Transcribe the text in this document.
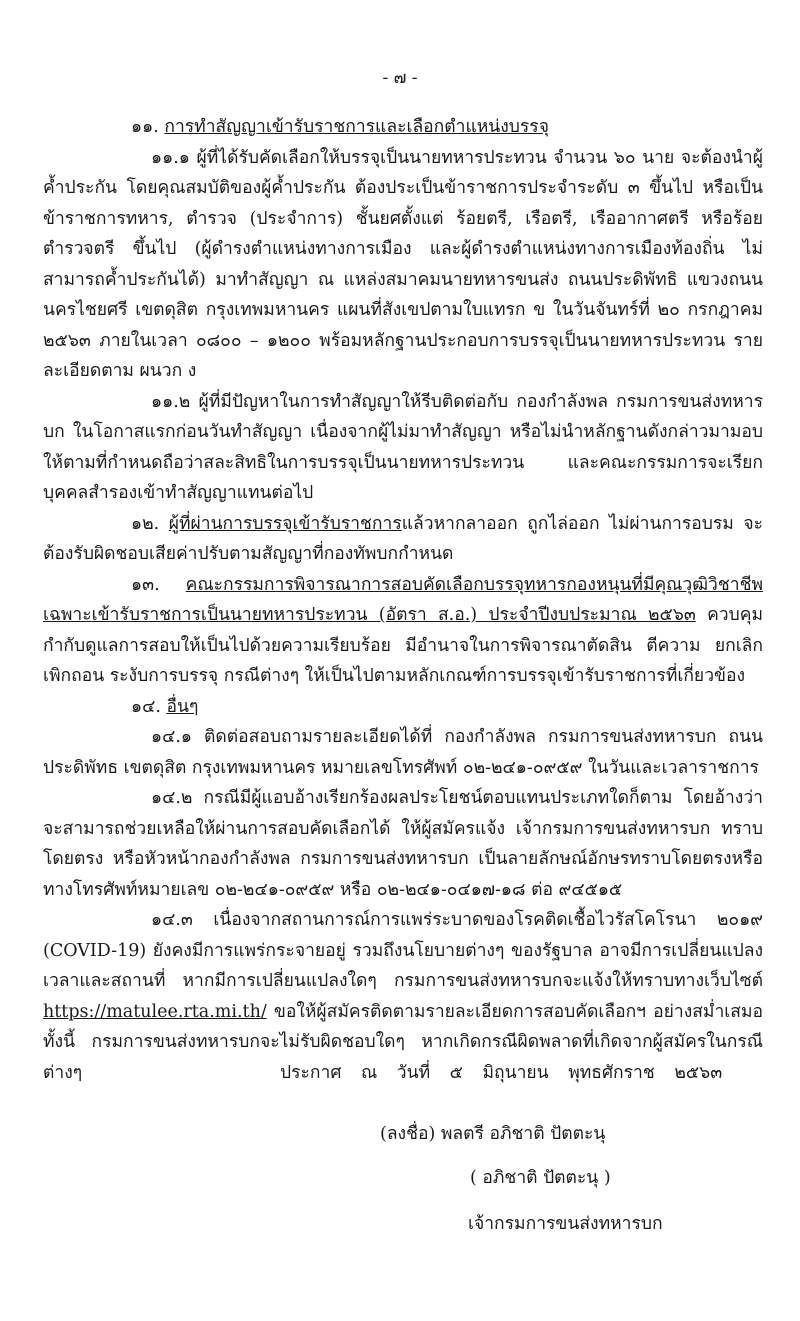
- ๗ -

๑๑. การทำสัญญาเข้ารับราชการและเลือกตำแหน่งบรรจุ

๑๑.๑ ผู้ที่ได้รับคัดเลือกให้บรรจุเป็นนายทหารประทวน จำนวน ๖๐ นาย จะต้องนำผู้ค้ำประกัน โดยคุณสมบัติของผู้ค้ำประกัน ต้องประเป็นข้าราชการประจำระดับ ๓ ขึ้นไป หรือเป็นข้าราชการทหาร, ตำรวจ (ประจำการ) ชั้นยศตั้งแต่ ร้อยตรี, เรือตรี, เรืออากาศตรี หรือร้อยตำรวจตรี ขึ้นไป (ผู้ดำรงตำแหน่งทางการเมือง และผู้ดำรงตำแหน่งทางการเมืองท้องถิ่น ไม่สามารถค้ำประกันได้) มาทำสัญญา ณ แหล่งสมาคมนายทหารขนส่ง ถนนประดิพัทธิ แขวงถนนนครไชยศรี เขตดุสิต กรุงเทพมหานคร แผนที่สังเขปตามใบแทรก ข ในวันจันทร์ที่ ๒๐ กรกฎาคม ๒๕๖๓ ภายในเวลา ๐๘๐๐ – ๑๒๐๐ พร้อมหลักฐานประกอบการบรรจุเป็นนายทหารประทวน รายละเอียดตาม ผนวก ง

๑๑.๒ ผู้ที่มีปัญหาในการทำสัญญาให้รีบติดต่อกับ กองกำลังพล กรมการขนส่งทหารบก ในโอกาสแรกก่อนวันทำสัญญา เนื่องจากผู้ไม่มาทำสัญญา หรือไม่นำหลักฐานดังกล่าวมามอบให้ตามที่กำหนดถือว่าสละสิทธิในการบรรจุเป็นนายทหารประทวน และคณะกรรมการจะเรียกบุคคลสำรองเข้าทำสัญญาแทนต่อไป

๑๒. ผู้ที่ผ่านการบรรจุเข้ารับราชการแล้วหากลาออก ถูกไล่ออก ไม่ผ่านการอบรม จะต้องรับผิดชอบเสียค่าปรับตามสัญญาที่กองทัพบกกำหนด

๑๓. คณะกรรมการพิจารณาการสอบคัดเลือกบรรจุทหารกองหนุนที่มีคุณวุฒิวิชาชีพเฉพาะเข้ารับราชการเป็นนายทหารประทวน (อัตรา ส.อ.) ประจำปีงบประมาณ ๒๕๖๓ ควบคุมกำกับดูแลการสอบให้เป็นไปด้วยความเรียบร้อย มีอำนาจในการพิจารณาตัดสิน ตีความ ยกเลิกเพิกถอน ระงับการบรรจุ กรณีต่างๆ ให้เป็นไปตามหลักเกณฑ์การบรรจุเข้ารับราชการที่เกี่ยวข้อง

๑๔. อื่นๆ

๑๔.๑ ติดต่อสอบถามรายละเอียดได้ที่ กองกำลังพล กรมการขนส่งทหารบก ถนนประดิพัทธ เขตดุสิต กรุงเทพมหานคร หมายเลขโทรศัพท์ ๐๒-๒๔๑-๐๙๕๙ ในวันและเวลาราชการ

๑๔.๒ กรณีมีผู้แอบอ้างเรียกร้องผลประโยชน์ตอบแทนประเภทใดก็ตาม โดยอ้างว่าจะสามารถช่วยเหลือให้ผ่านการสอบคัดเลือกได้ ให้ผู้สมัครแจ้ง เจ้ากรมการขนส่งทหารบก ทราบโดยตรง หรือหัวหน้ากองกำลังพล กรมการขนส่งทหารบก เป็นลายลักษณ์อักษรทราบโดยตรงหรือทางโทรศัพท์หมายเลข ๐๒-๒๔๑-๐๙๕๙ หรือ ๐๒-๒๔๑-๐๔๑๗-๑๘ ต่อ ๙๔๕๑๕

๑๔.๓ เนื่องจากสถานการณ์การแพร่ระบาดของโรคติดเชื้อไวรัสโคโรนา ๒๐๑๙ (COVID-19) ยังคงมีการแพร่กระจายอยู่ รวมถึงนโยบายต่างๆ ของรัฐบาล อาจมีการเปลี่ยนแปลงเวลาและสถานที่ หากมีการเปลี่ยนแปลงใดๆ กรมการขนส่งทหารบกจะแจ้งให้ทราบทางเว็บไซต์ https://matulee.rta.mi.th/ ขอให้ผู้สมัครติดตามรายละเอียดการสอบคัดเลือกฯ อย่างสม่ำเสมอ ทั้งนี้ กรมการขนส่งทหารบกจะไม่รับผิดชอบใดๆ หากเกิดกรณีผิดพลาดที่เกิดจากผู้สมัครในกรณีต่างๆ	ประกาศ ณ วันที่ ๕ มิถุนายน พุทธศักราช ๒๕๖๓
(ลงชื่อ) พลตรี อภิชาติ ปัตตะนุ
( อภิชาติ ปัตตะนุ )
เจ้ากรมการขนส่งทหารบก
